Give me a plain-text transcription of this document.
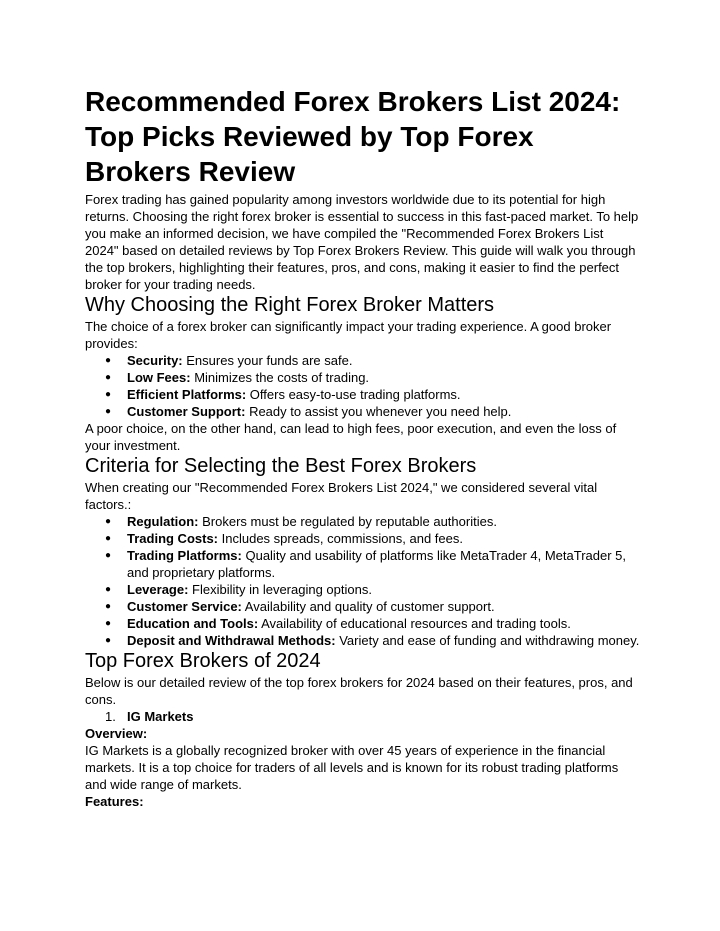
Recommended Forex Brokers List 2024: Top Picks Reviewed by Top Forex Brokers Review

Forex trading has gained popularity among investors worldwide due to its potential for high returns. Choosing the right forex broker is essential to success in this fast-paced market. To help you make an informed decision, we have compiled the "Recommended Forex Brokers List 2024" based on detailed reviews by Top Forex Brokers Review. This guide will walk you through the top brokers, highlighting their features, pros, and cons, making it easier to find the perfect broker for your trading needs.

Why Choosing the Right Forex Broker Matters

The choice of a forex broker can significantly impact your trading experience. A good broker provides:

● Security: Ensures your funds are safe.
● Low Fees: Minimizes the costs of trading.
● Efficient Platforms: Offers easy-to-use trading platforms.
● Customer Support: Ready to assist you whenever you need help.

A poor choice, on the other hand, can lead to high fees, poor execution, and even the loss of your investment.

Criteria for Selecting the Best Forex Brokers

When creating our "Recommended Forex Brokers List 2024," we considered several vital factors.:

● Regulation: Brokers must be regulated by reputable authorities.
● Trading Costs: Includes spreads, commissions, and fees.
● Trading Platforms: Quality and usability of platforms like MetaTrader 4, MetaTrader 5, and proprietary platforms.
● Leverage: Flexibility in leveraging options.
● Customer Service: Availability and quality of customer support.
● Education and Tools: Availability of educational resources and trading tools.
● Deposit and Withdrawal Methods: Variety and ease of funding and withdrawing money.
Top Forex Brokers of 2024

Below is our detailed review of the top forex brokers for 2024 based on their features, pros, and cons.

1. IG Markets

Overview:

IG Markets is a globally recognized broker with over 45 years of experience in the financial markets. It is a top choice for traders of all levels and is known for its robust trading platforms and wide range of markets.

Features:
